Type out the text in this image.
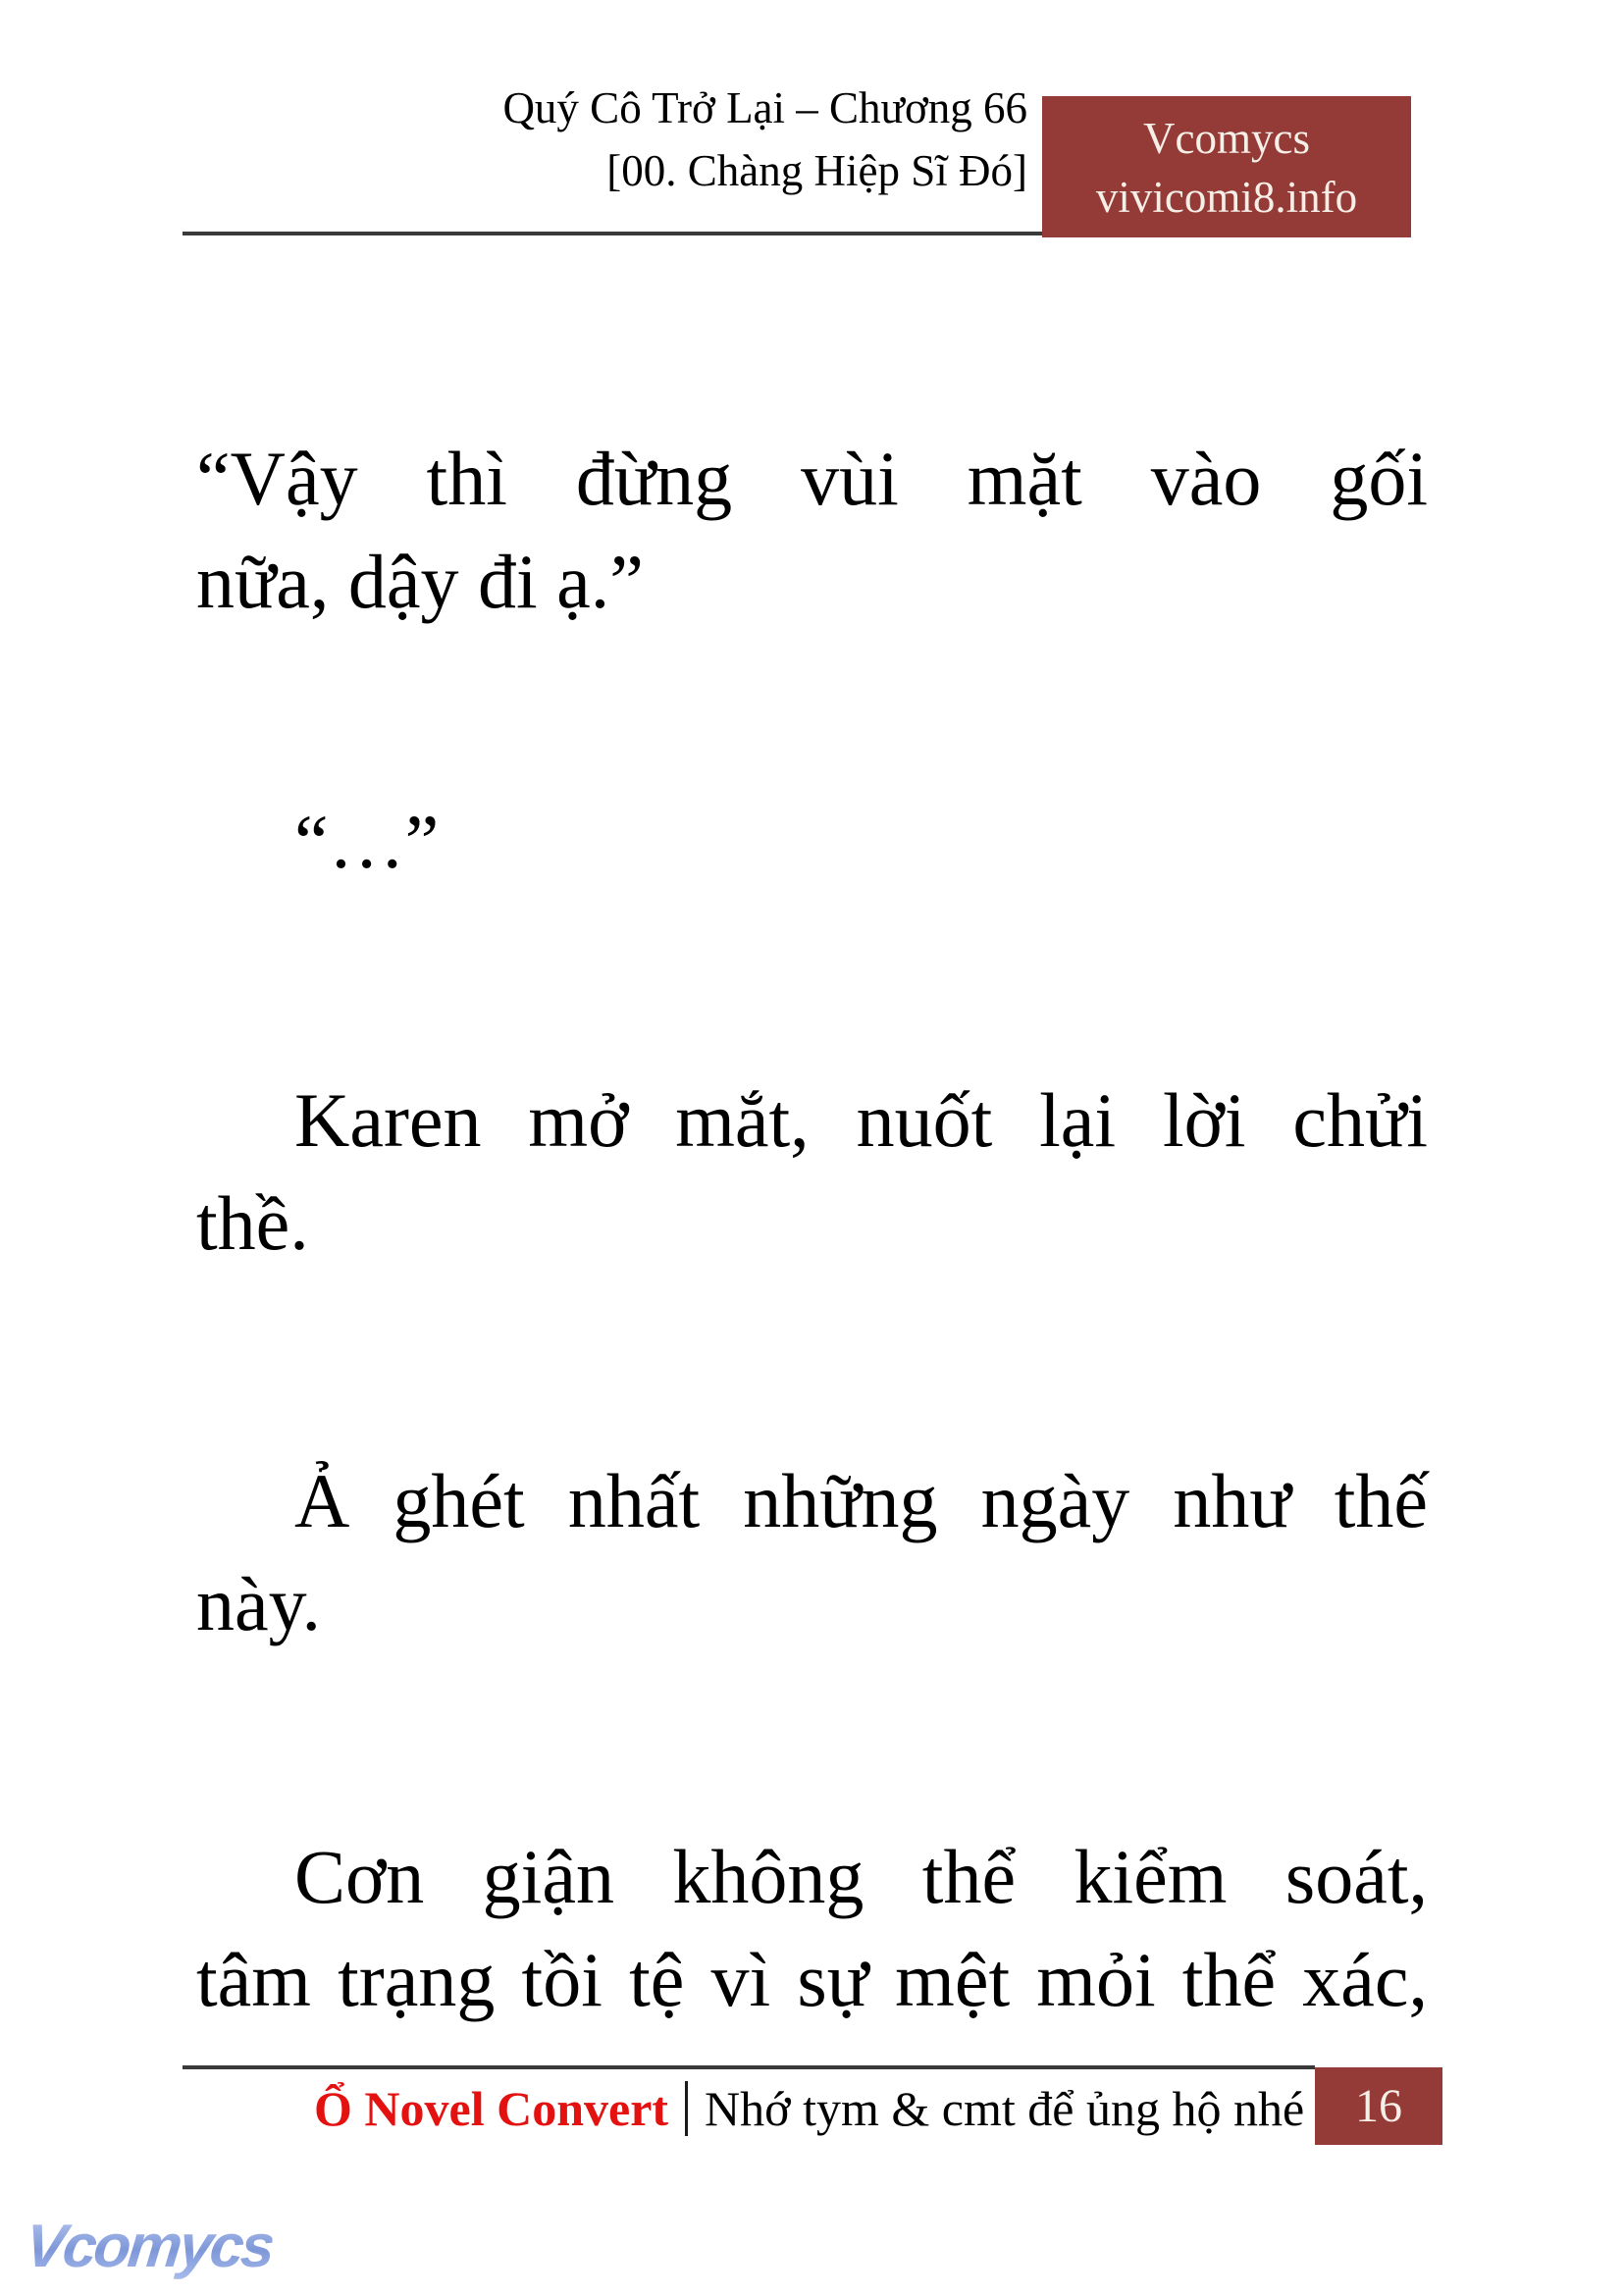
Quý Cô Trở Lại – Chương 66
[00. Chàng Hiệp Sĩ Đó]
Vcomycs
vivicomi8.info
“Vậy thì đừng vùi mặt vào gối
nữa, dậy đi ạ.”
“…”
Karen mở mắt, nuốt lại lời chửi
thề.
Ả ghét nhất những ngày như thế
này.
Cơn giận không thể kiểm soát,
tâm trạng tồi tệ vì sự mệt mỏi thể xác,
Ổ Novel Convert Nhớ tym & cmt để ủng hộ nhé 16
Vcomycs
